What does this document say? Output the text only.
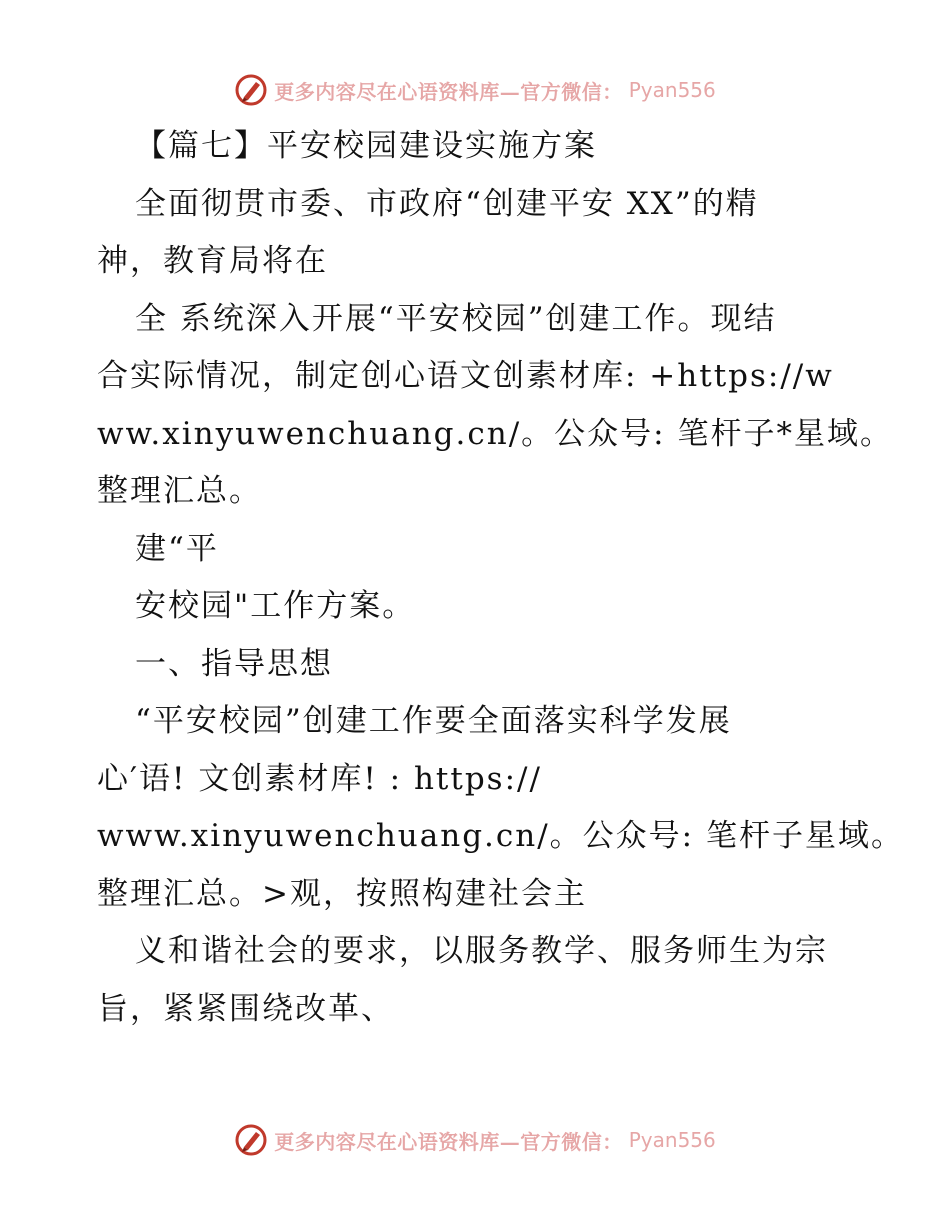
更多内容尽在心语资料库—官方微信： Pyan556
【篇七】平安校园建设实施方案
全面彻贯市委、市政府“创建平安 XX”的精
神，教育局将在
全 系统深入开展“平安校园”创建工作。现结
合实际情况，制定创心语文创素材库: +https://w
ww.xinyuwenchuang.cn/。公众号: 笔杆子*星域。
整理汇总。
建“平
安校园"工作方案。
一、指导思想
“平安校园”创建工作要全面落实科学发展
心′语! 文创素材库! : https://
www.xinyuwenchuang.cn/。公众号: 笔杆子星域。
整理汇总。>观，按照构建社会主
义和谐社会的要求，以服务教学、服务师生为宗
旨，紧紧围绕改革、
更多内容尽在心语资料库—官方微信： Pyan556
